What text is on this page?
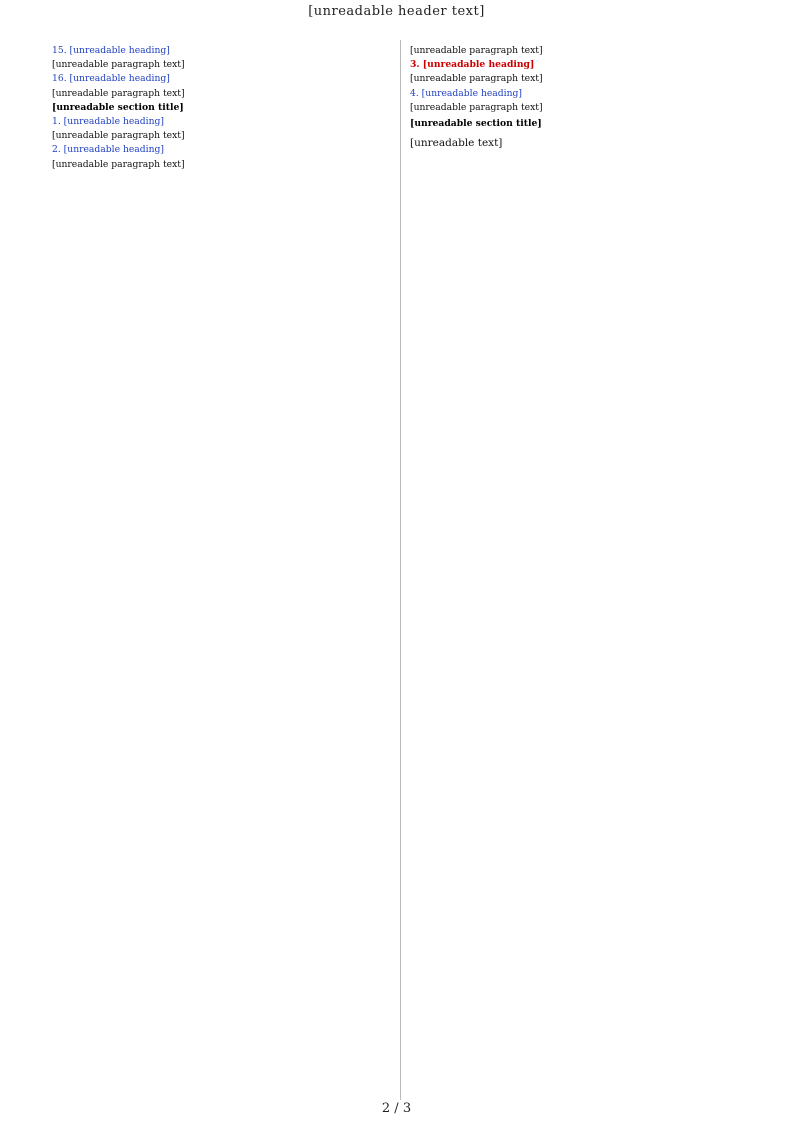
[unreadable header text]

15. [unreadable heading]

[unreadable paragraph text]

16. [unreadable heading]

[unreadable paragraph text]

[unreadable section title]

1. [unreadable heading]

[unreadable paragraph text]

2. [unreadable heading]

[unreadable paragraph text]

[unreadable paragraph text]

3. [unreadable heading]

[unreadable paragraph text]

4. [unreadable heading]

[unreadable paragraph text]

[unreadable section title]

[unreadable text]

2 / 3
